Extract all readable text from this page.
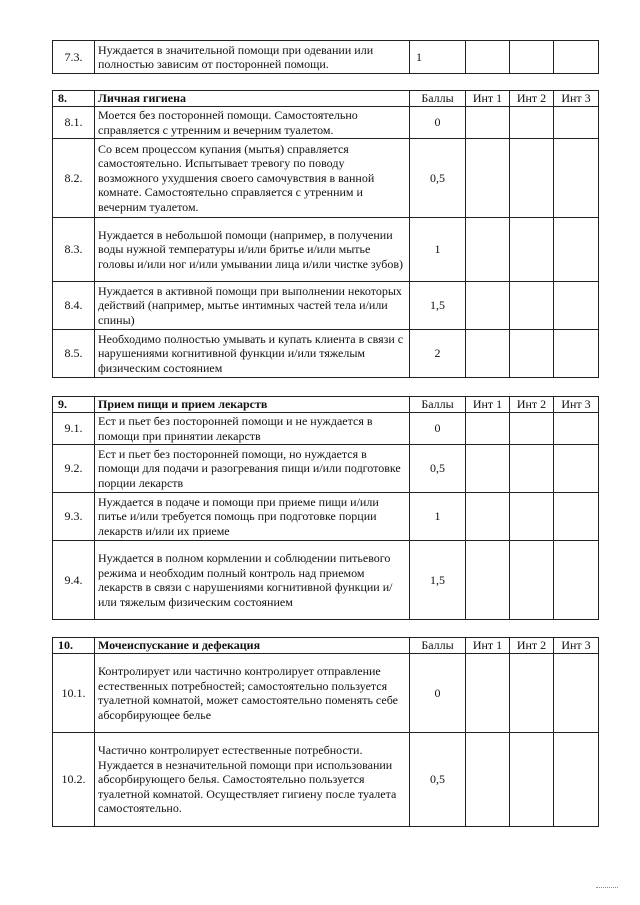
7.3.	Нуждается в значительной помощи при одевании или полностью зависим от посторонней помощи.	1			
8.	Личная гигиена	Баллы	Инт 1	Инт 2	Инт 3
8.1.	Моется без посторонней помощи. Самостоятельно справляется с утренним и вечерним туалетом.	0			
8.2.	Со всем процессом купания (мытья) справляется самостоятельно. Испытывает тревогу по поводу возможного ухудшения своего самочувствия в ванной комнате. Самостоятельно справляется с утренним и вечерним туалетом.	0,5			
8.3.	Нуждается в небольшой помощи (например, в получении воды нужной температуры и/или бритье и/или мытье головы и/или ног и/или умывании лица и/или чистке зубов)	1			
8.4.	Нуждается в активной помощи при выполнении некоторых действий (например, мытье интимных частей тела и/или спины)	1,5			
8.5.	Необходимо полностью умывать и купать клиента в связи с нарушениями когнитивной функции и/или тяжелым физическим состоянием	2			
9.	Прием пищи и прием лекарств	Баллы	Инт 1	Инт 2	Инт 3
9.1.	Ест и пьет без посторонней помощи и не нуждается в помощи при принятии лекарств	0			
9.2.	Ест и пьет без посторонней помощи, но нуждается в помощи для подачи и разогревания пищи и/или подготовке порции лекарств	0,5			
9.3.	Нуждается в подаче и помощи при приеме пищи и/или питье и/или требуется помощь при подготовке порции лекарств и/или их приеме	1			
9.4.	Нуждается в полном кормлении и соблюдении питьевого режима и необходим полный контроль над приемом лекарств в связи с нарушениями когнитивной функции и/или тяжелым физическим состоянием	1,5			
10.	Мочеиспускание и дефекация	Баллы	Инт 1	Инт 2	Инт 3
10.1.	Контролирует или частично контролирует отправление естественных потребностей; самостоятельно пользуется туалетной комнатой, может самостоятельно поменять себе абсорбирующее белье	0			
10.2.	Частично контролирует естественные потребности. Нуждается в незначительной помощи при использовании абсорбирующего белья. Самостоятельно пользуется туалетной комнатой. Осуществляет гигиену после туалета самостоятельно.	0,5			
